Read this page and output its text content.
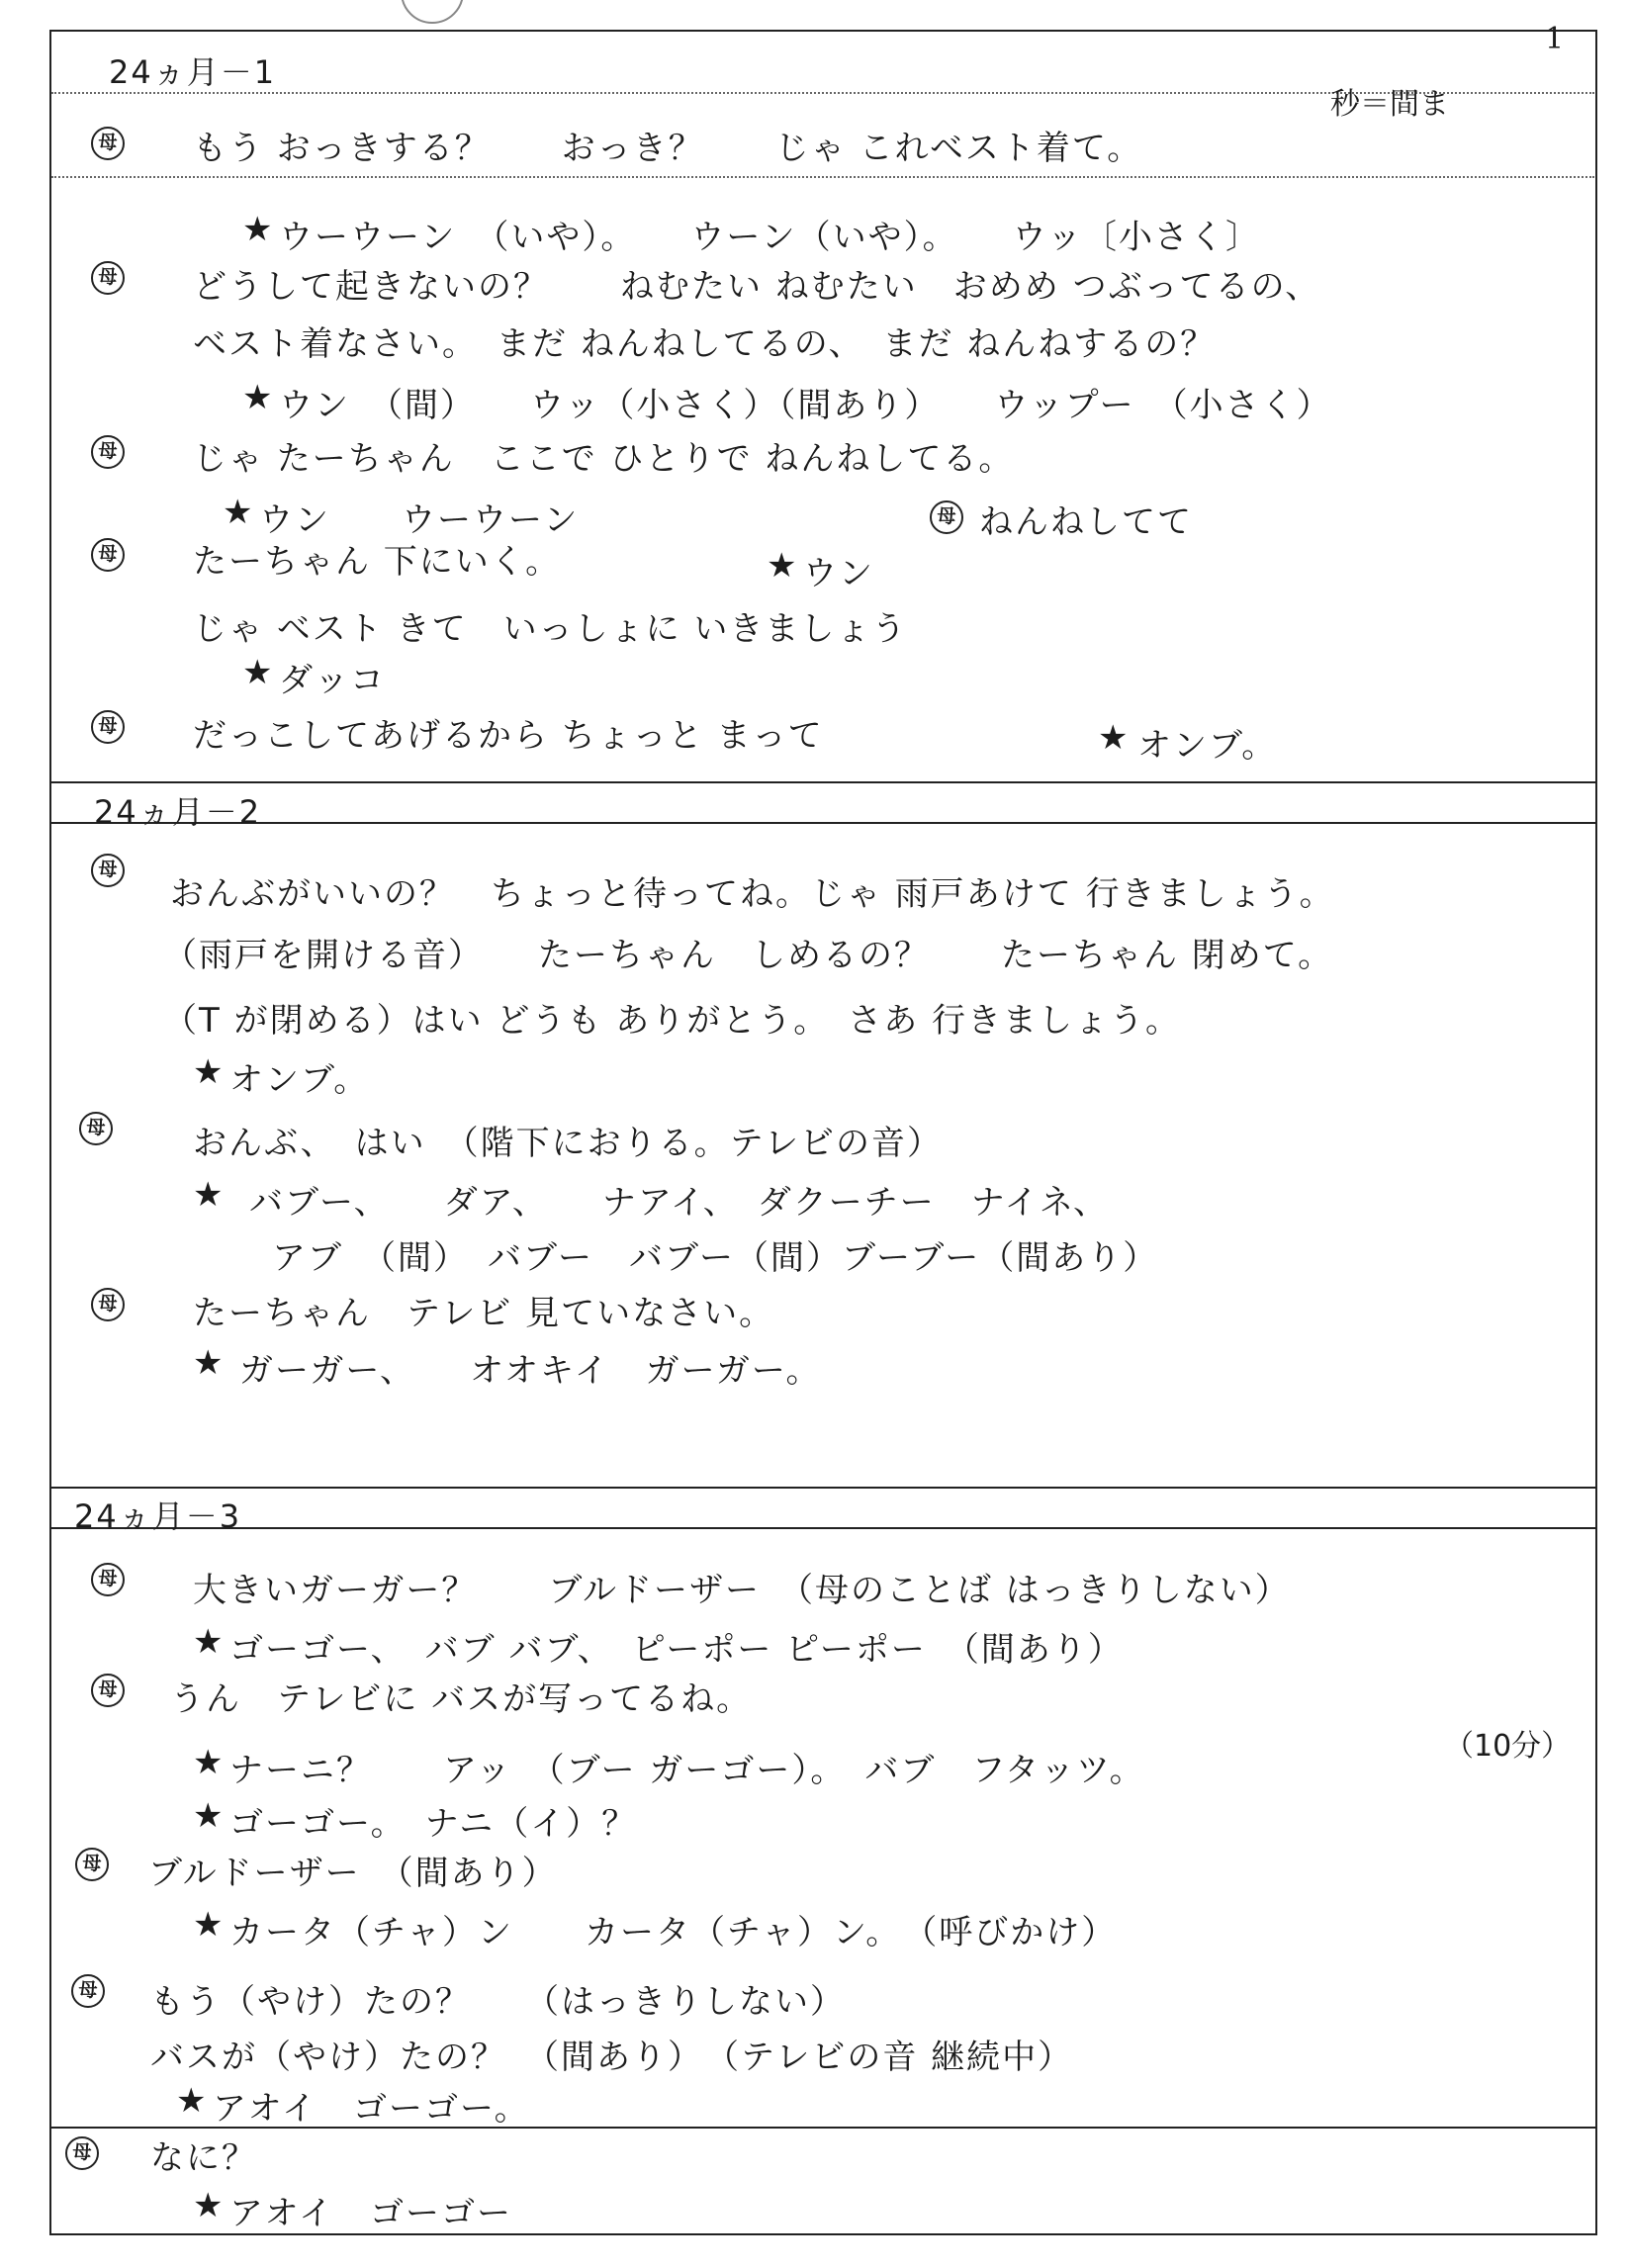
1
秒＝間ま
24ヵ月－1
母 もう おっきする？　　おっき？　　じゃ これベスト着て。
ウーウーン　（いや）。　　ウーン（いや）。　　ウッ〔小さく〕
母 どうして起きないの？　　ねむたい ねむたい　おめめ つぶってるの、
ベスト着なさい。　まだ ねんねしてるの、　まだ ねんねするの？
ウン　（間）　　ウッ（小さく）（間あり）　　ウップー　（小さく）
母 じゃ たーちゃん　ここで ひとりで ねんねしてる。
ウン　　ウーウーン	母 ねんねしてて
母 たーちゃん 下にいく。	ウン
じゃ ベスト きて　いっしょに いきましょう
ダッコ
母 だっこしてあげるから ちょっと まって	オンブ。
★
★
★
★
★
★
24ヵ月－2
母
おんぶがいいの？　ちょっと待ってね。じゃ 雨戸あけて 行きましょう。
（雨戸を開ける音）　　たーちゃん　しめるの？　　たーちゃん 閉めて。
（T が閉める）はい どうも ありがとう。　さあ 行きましょう。
オンブ。
母	おんぶ、　はい　（階下におりる。テレビの音）
バブー、　　ダア、　　ナアイ、　ダクーチー　ナイネ、
アブ　（間）　バブー　バブー（間）ブーブー（間あり）
母 たーちゃん　テレビ 見ていなさい。
ガーガー、　　オオキイ　ガーガー。
★
★
★
24ヵ月－3
母 大きいガーガー？　　ブルドーザー　（母のことば はっきりしない）
ゴーゴー、　バブ バブ、　ピーポー ピーポー　（間あり）
母 うん　テレビに バスが写ってるね。
（10分）
ナーニ？　　アッ　（ブー ガーゴー）。　バブ　フタッツ。
ゴーゴー。　ナニ（イ）？
母 ブルドーザー　（間あり）
カータ（チャ）ン　　カータ（チャ）ン。　（呼びかけ）
母 もう（やけ）たの？　　（はっきりしない）
バスが（やけ）たの？　（間あり）　（テレビの音 継続中）
アオイ　ゴーゴー。
母 なに？
アオイ　ゴーゴー
★
★
★
★
★
★
